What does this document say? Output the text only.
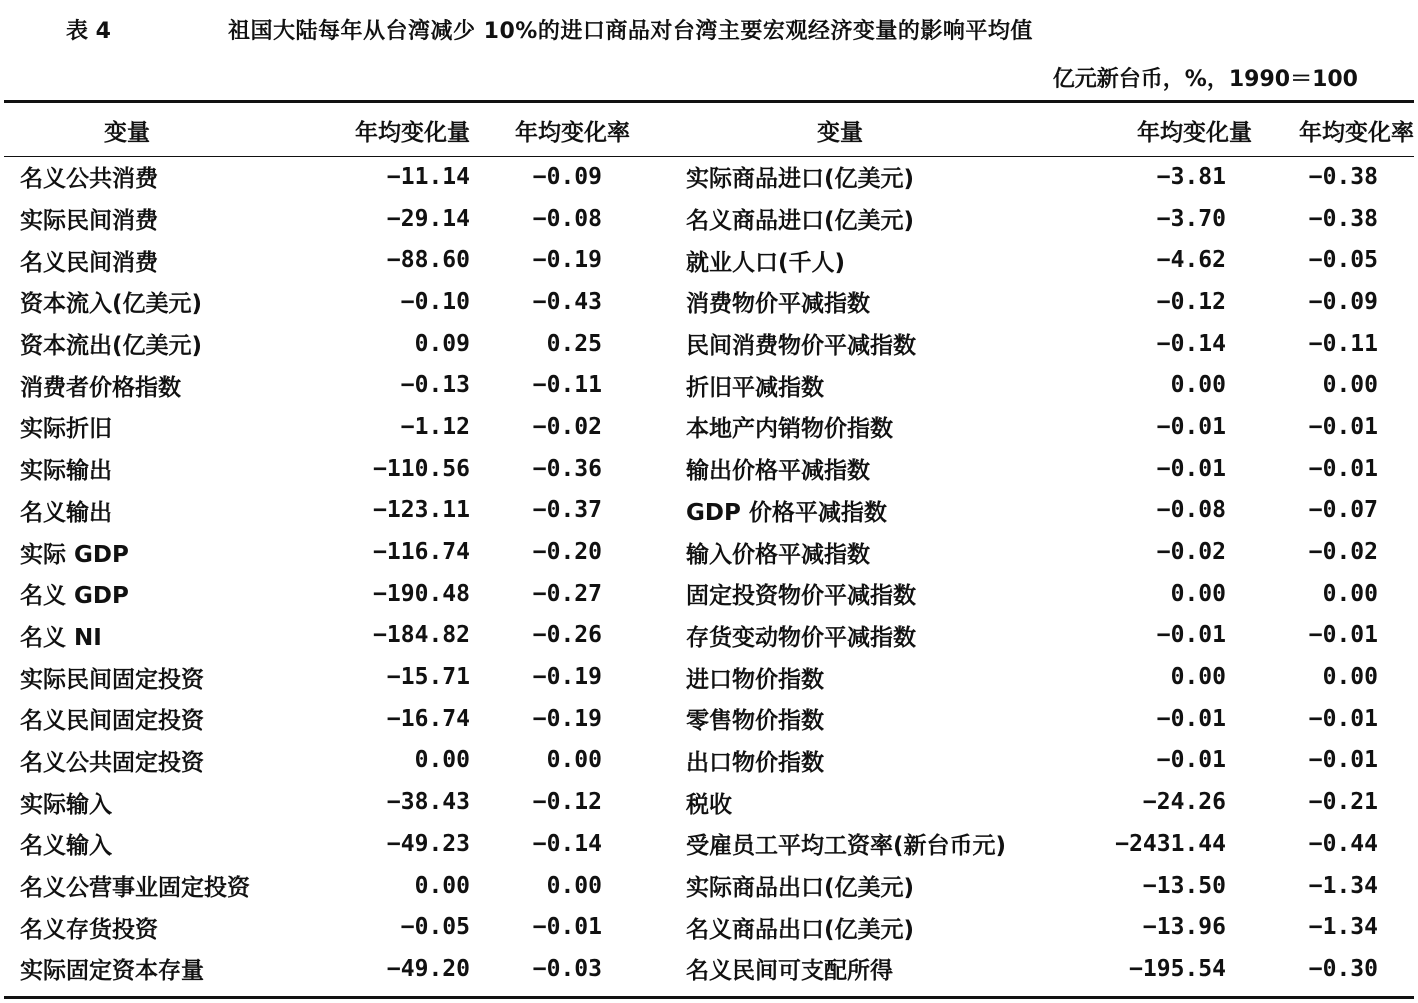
表 4	祖国大陆每年从台湾减少 10%的进口商品对台湾主要宏观经济变量的影响平均值
亿元新台币，%，1990＝100
变量	年均变化量	年均变化率	变量	年均变化量	年均变化率
名义公共消费	−11.14	−0.09	实际商品进口(亿美元)	−3.81	−0.38
实际民间消费	−29.14	−0.08	名义商品进口(亿美元)	−3.70	−0.38
名义民间消费	−88.60	−0.19	就业人口(千人)	−4.62	−0.05
资本流入(亿美元)	−0.10	−0.43	消费物价平减指数	−0.12	−0.09
资本流出(亿美元)	0.09	0.25	民间消费物价平减指数	−0.14	−0.11
消费者价格指数	−0.13	−0.11	折旧平减指数	0.00	0.00
实际折旧	−1.12	−0.02	本地产内销物价指数	−0.01	−0.01
实际输出	−110.56	−0.36	输出价格平减指数	−0.01	−0.01
名义输出	−123.11	−0.37	GDP 价格平减指数	−0.08	−0.07
实际 GDP	−116.74	−0.20	输入价格平减指数	−0.02	−0.02
名义 GDP	−190.48	−0.27	固定投资物价平减指数	0.00	0.00
名义 NI	−184.82	−0.26	存货变动物价平减指数	−0.01	−0.01
实际民间固定投资	−15.71	−0.19	进口物价指数	0.00	0.00
名义民间固定投资	−16.74	−0.19	零售物价指数	−0.01	−0.01
名义公共固定投资	0.00	0.00	出口物价指数	−0.01	−0.01
实际输入	−38.43	−0.12	税收	−24.26	−0.21
名义输入	−49.23	−0.14	受雇员工平均工资率(新台币元)	−2431.44	−0.44
名义公营事业固定投资	0.00	0.00	实际商品出口(亿美元)	−13.50	−1.34
名义存货投资	−0.05	−0.01	名义商品出口(亿美元)	−13.96	−1.34
实际固定资本存量	−49.20	−0.03	名义民间可支配所得	−195.54	−0.30
